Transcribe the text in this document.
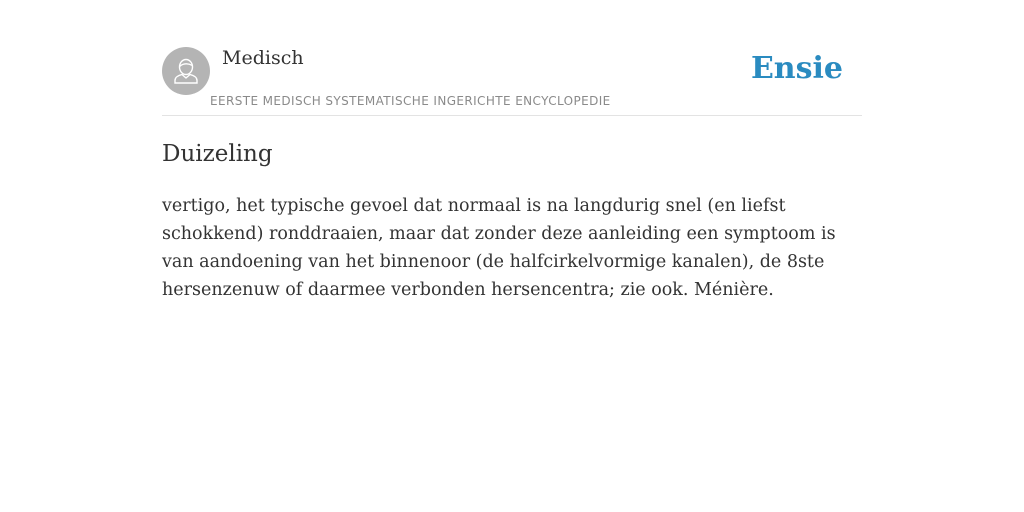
Medisch
EERSTE MEDISCH SYSTEMATISCHE INGERICHTE ENCYCLOPEDIE
Ensie
Duizeling

vertigo, het typische gevoel dat normaal is na langdurig snel (en liefst schokkend) ronddraaien, maar dat zonder deze aanleiding een symptoom is van aandoening van het binnenoor (de halfcirkelvormige kanalen), de 8ste hersenzenuw of daarmee verbonden hersencentra; zie ook. Ménière.
